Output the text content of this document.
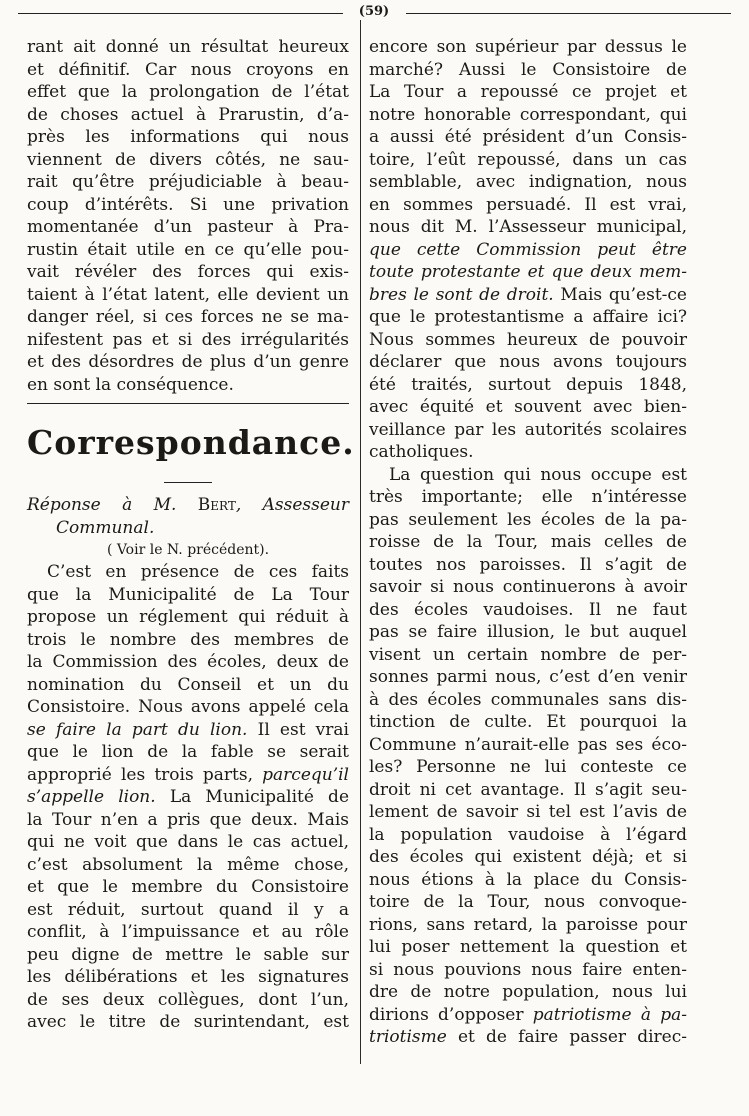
(59)
rant ait donné un résultat heureux
et définitif. Car nous croyons en
effet que la prolongation de l’état
de choses actuel à Prarustin, d’a-
près les informations qui nous
viennent de divers côtés, ne sau-
rait qu’être préjudiciable à beau-
coup d’intérêts. Si une privation
momentanée d’un pasteur à Pra-
rustin était utile en ce qu’elle pou-
vait révéler des forces qui exis-
taient à l’état latent, elle devient un
danger réel, si ces forces ne se ma-
nifestent pas et si des irrégularités
et des désordres de plus d’un genre
en sont la conséquence.
Correspondance.
Réponse à M. Bert, Assesseur
Communal.
( Voir le N. précédent).
C’est en présence de ces faits
que la Municipalité de La Tour
propose un réglement qui réduit à
trois le nombre des membres de
la Commission des écoles, deux de
nomination du Conseil et un du
Consistoire. Nous avons appelé cela
se faire la part du lion. Il est vrai
que le lion de la fable se serait
approprié les trois parts, parcequ’il
s’appelle lion. La Municipalité de
la Tour n’en a pris que deux. Mais
qui ne voit que dans le cas actuel,
c’est absolument la même chose,
et que le membre du Consistoire
est réduit, surtout quand il y a
conflit, à l’impuissance et au rôle
peu digne de mettre le sable sur
les délibérations et les signatures
de ses deux collègues, dont l’un,
avec le titre de surintendant, est
encore son supérieur par dessus le
marché? Aussi le Consistoire de
La Tour a repoussé ce projet et
notre honorable correspondant, qui
a aussi été président d’un Consis-
toire, l’eût repoussé, dans un cas
semblable, avec indignation, nous
en sommes persuadé. Il est vrai,
nous dit M. l’Assesseur municipal,
que cette Commission peut être
toute protestante et que deux mem-
bres le sont de droit. Mais qu’est-ce
que le protestantisme a affaire ici?
Nous sommes heureux de pouvoir
déclarer que nous avons toujours
été traités, surtout depuis 1848,
avec équité et souvent avec bien-
veillance par les autorités scolaires
catholiques.
La question qui nous occupe est
très importante; elle n’intéresse
pas seulement les écoles de la pa-
roisse de la Tour, mais celles de
toutes nos paroisses. Il s’agit de
savoir si nous continuerons à avoir
des écoles vaudoises. Il ne faut
pas se faire illusion, le but auquel
visent un certain nombre de per-
sonnes parmi nous, c’est d’en venir
à des écoles communales sans dis-
tinction de culte. Et pourquoi la
Commune n’aurait-elle pas ses éco-
les? Personne ne lui conteste ce
droit ni cet avantage. Il s’agit seu-
lement de savoir si tel est l’avis de
la population vaudoise à l’égard
des écoles qui existent déjà; et si
nous étions à la place du Consis-
toire de la Tour, nous convoque-
rions, sans retard, la paroisse pour
lui poser nettement la question et
si nous pouvions nous faire enten-
dre de notre population, nous lui
dirions d’opposer patriotisme à pa-
triotisme et de faire passer direc-
